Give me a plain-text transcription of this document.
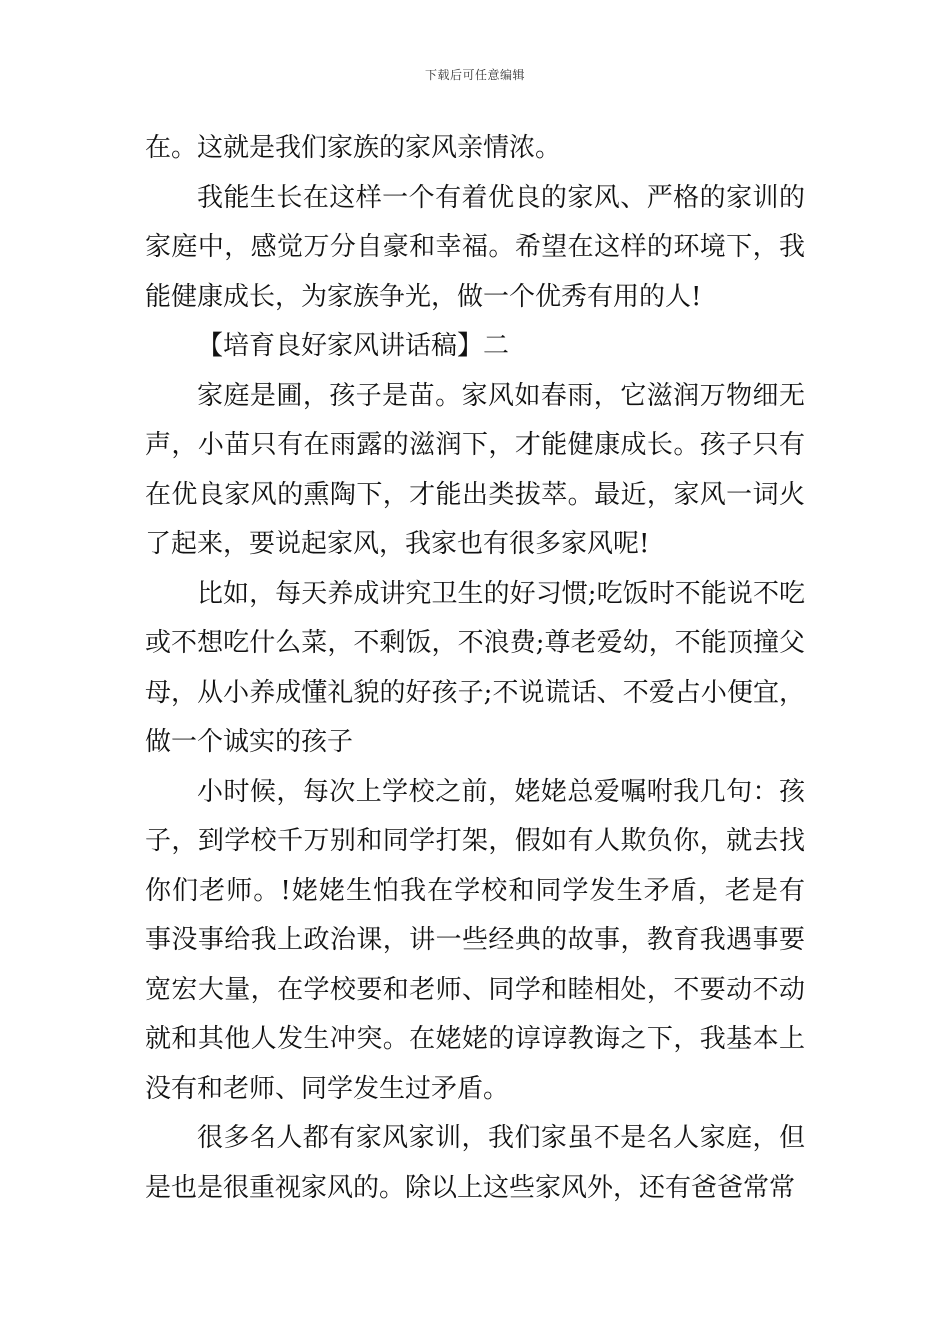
下载后可任意编辑

在。这就是我们家族的家风亲情浓。

我能生长在这样一个有着优良的家风、严格的家训的家庭中，感觉万分自豪和幸福。希望在这样的环境下，我能健康成长，为家族争光，做一个优秀有用的人!

【培育良好家风讲话稿】二

家庭是圃，孩子是苗。家风如春雨，它滋润万物细无声，小苗只有在雨露的滋润下，才能健康成长。孩子只有在优良家风的熏陶下，才能出类拔萃。最近，家风一词火了起来，要说起家风，我家也有很多家风呢!

比如，每天养成讲究卫生的好习惯;吃饭时不能说不吃或不想吃什么菜，不剩饭，不浪费;尊老爱幼，不能顶撞父母，从小养成懂礼貌的好孩子;不说谎话、不爱占小便宜，做一个诚实的孩子

小时候，每次上学校之前，姥姥总爱嘱咐我几句：孩子，到学校千万别和同学打架，假如有人欺负你，就去找你们老师。!姥姥生怕我在学校和同学发生矛盾，老是有事没事给我上政治课，讲一些经典的故事，教育我遇事要宽宏大量，在学校要和老师、同学和睦相处，不要动不动就和其他人发生冲突。在姥姥的谆谆教诲之下，我基本上没有和老师、同学发生过矛盾。

很多名人都有家风家训，我们家虽不是名人家庭，但是也是很重视家风的。除以上这些家风外，还有爸爸常常
